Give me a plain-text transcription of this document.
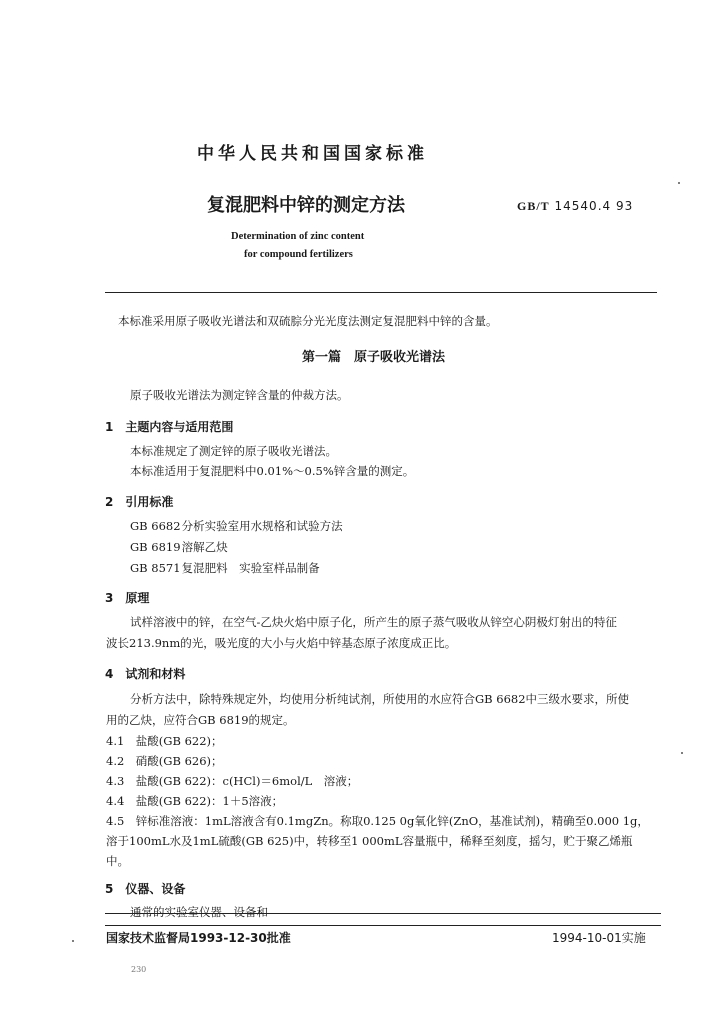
中华人民共和国国家标准
复混肥料中锌的测定方法	GB/T 14540.4 93
Determination of zinc content
for compound fertilizers
本标准采用原子吸收光谱法和双硫腙分光光度法测定复混肥料中锌的含量。
第一篇　原子吸收光谱法
原子吸收光谱法为测定锌含量的仲裁方法。
1　主题内容与适用范围
本标准规定了测定锌的原子吸收光谱法。
本标准适用于复混肥料中0.01%～0.5%锌含量的测定。
2　引用标准
GB 6682 分析实验室用水规格和试验方法
GB 6819 溶解乙炔
GB 8571 复混肥料　实验室样品制备
3　原理
试样溶液中的锌，在空气-乙炔火焰中原子化，所产生的原子蒸气吸收从锌空心阴极灯射出的特征
波长213.9nm的光，吸光度的大小与火焰中锌基态原子浓度成正比。
4　试剂和材料
分析方法中，除特殊规定外，均使用分析纯试剂，所使用的水应符合GB 6682中三级水要求，所使
用的乙炔，应符合GB 6819的规定。
4.1　盐酸(GB 622)；
4.2　硝酸(GB 626)；
4.3　盐酸(GB 622)：c(HCl)＝6mol/L　溶液；
4.4　盐酸(GB 622)：1＋5溶液；
4.5　锌标准溶液：1mL溶液含有0.1mgZn。称取0.125 0g氧化锌(ZnO，基准试剂)，精确至0.000 1g，
溶于100mL水及1mL硫酸(GB 625)中，转移至1 000mL容量瓶中，稀释至刻度，摇匀，贮于聚乙烯瓶
中。
5　仪器、设备
通常的实验室仪器、设备和
国家技术监督局1993-12-30批准	1994-10-01实施
230
